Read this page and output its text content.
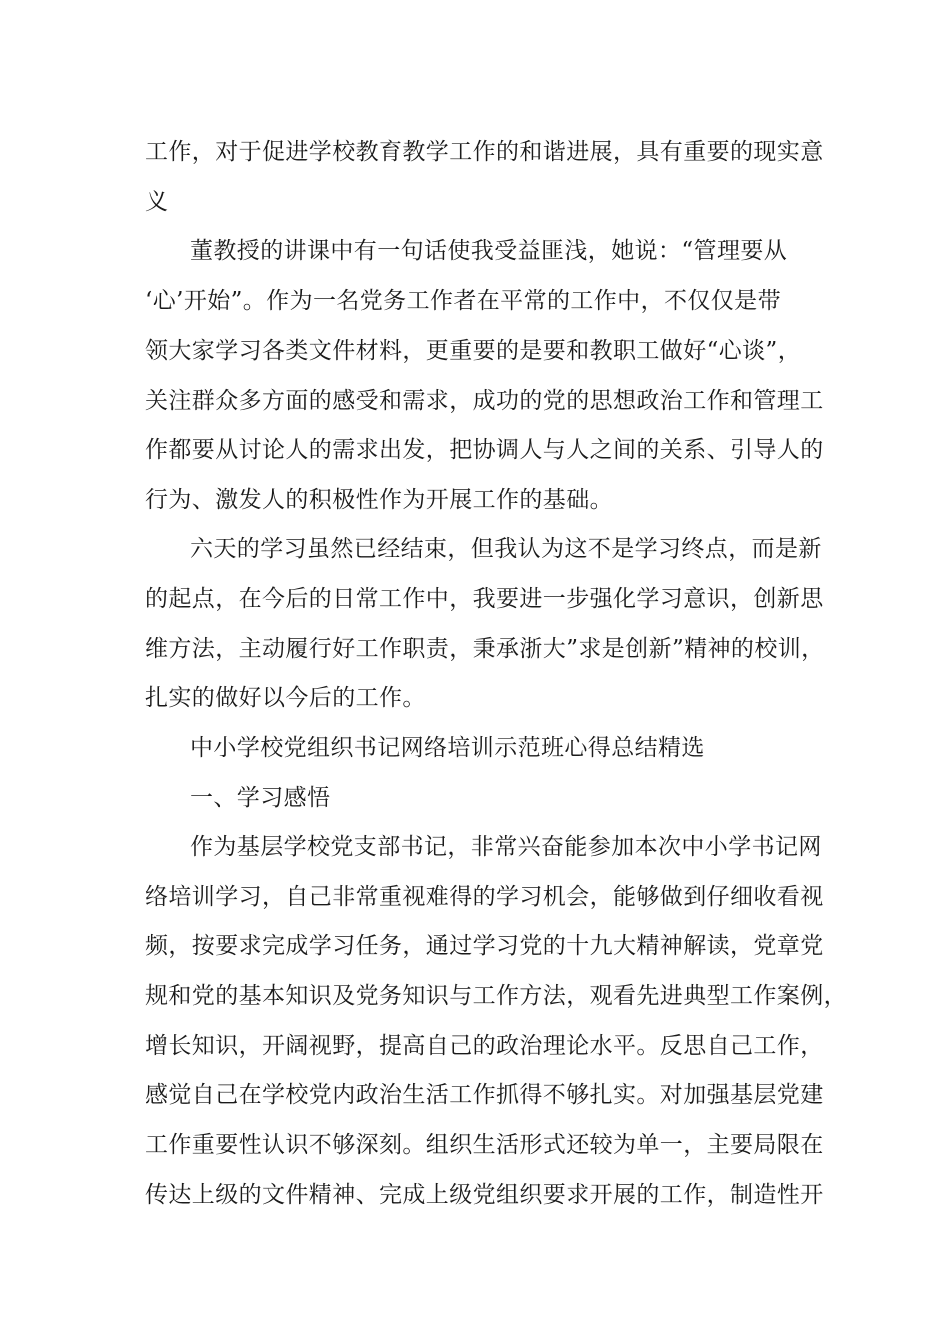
工作，对于促进学校教育教学工作的和谐进展，具有重要的现实意
义
董教授的讲课中有一句话使我受益匪浅，她说：“管理要从
‘心’开始”。作为一名党务工作者在平常的工作中，不仅仅是带
领大家学习各类文件材料，更重要的是要和教职工做好“心谈”，
关注群众多方面的感受和需求，成功的党的思想政治工作和管理工
作都要从讨论人的需求出发，把协调人与人之间的关系、引导人的
行为、激发人的积极性作为开展工作的基础。
六天的学习虽然已经结束，但我认为这不是学习终点，而是新
的起点，在今后的日常工作中，我要进一步强化学习意识，创新思
维方法，主动履行好工作职责，秉承浙大”求是创新”精神的校训，
扎实的做好以今后的工作。
中小学校党组织书记网络培训示范班心得总结精选
一、学习感悟
作为基层学校党支部书记，非常兴奋能参加本次中小学书记网
络培训学习，自己非常重视难得的学习机会，能够做到仔细收看视
频，按要求完成学习任务，通过学习党的十九大精神解读，党章党
规和党的基本知识及党务知识与工作方法，观看先进典型工作案例，
增长知识，开阔视野，提高自己的政治理论水平。反思自己工作，
感觉自己在学校党内政治生活工作抓得不够扎实。对加强基层党建
工作重要性认识不够深刻。组织生活形式还较为单一，主要局限在
传达上级的文件精神、完成上级党组织要求开展的工作，制造性开
